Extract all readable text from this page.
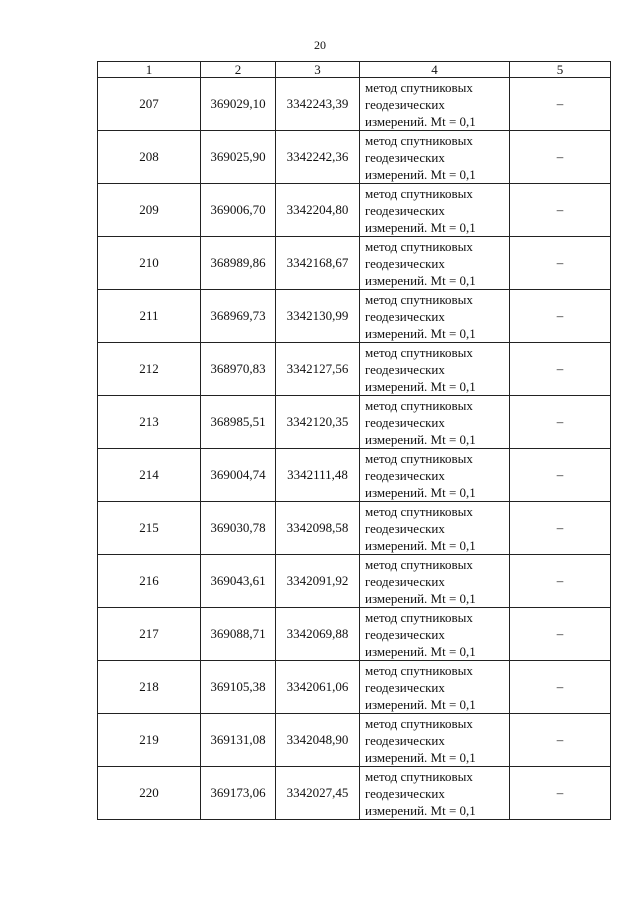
20
1	2	3	4	5
207	369029,10	3342243,39	метод спутниковых
геодезических
измерений. Mt = 0,1	–
208	369025,90	3342242,36	метод спутниковых
геодезических
измерений. Mt = 0,1	–
209	369006,70	3342204,80	метод спутниковых
геодезических
измерений. Mt = 0,1	–
210	368989,86	3342168,67	метод спутниковых
геодезических
измерений. Mt = 0,1	–
211	368969,73	3342130,99	метод спутниковых
геодезических
измерений. Mt = 0,1	–
212	368970,83	3342127,56	метод спутниковых
геодезических
измерений. Mt = 0,1	–
213	368985,51	3342120,35	метод спутниковых
геодезических
измерений. Mt = 0,1	–
214	369004,74	3342111,48	метод спутниковых
геодезических
измерений. Mt = 0,1	–
215	369030,78	3342098,58	метод спутниковых
геодезических
измерений. Mt = 0,1	–
216	369043,61	3342091,92	метод спутниковых
геодезических
измерений. Mt = 0,1	–
217	369088,71	3342069,88	метод спутниковых
геодезических
измерений. Mt = 0,1	–
218	369105,38	3342061,06	метод спутниковых
геодезических
измерений. Mt = 0,1	–
219	369131,08	3342048,90	метод спутниковых
геодезических
измерений. Mt = 0,1	–
220	369173,06	3342027,45	метод спутниковых
геодезических
измерений. Mt = 0,1	–
